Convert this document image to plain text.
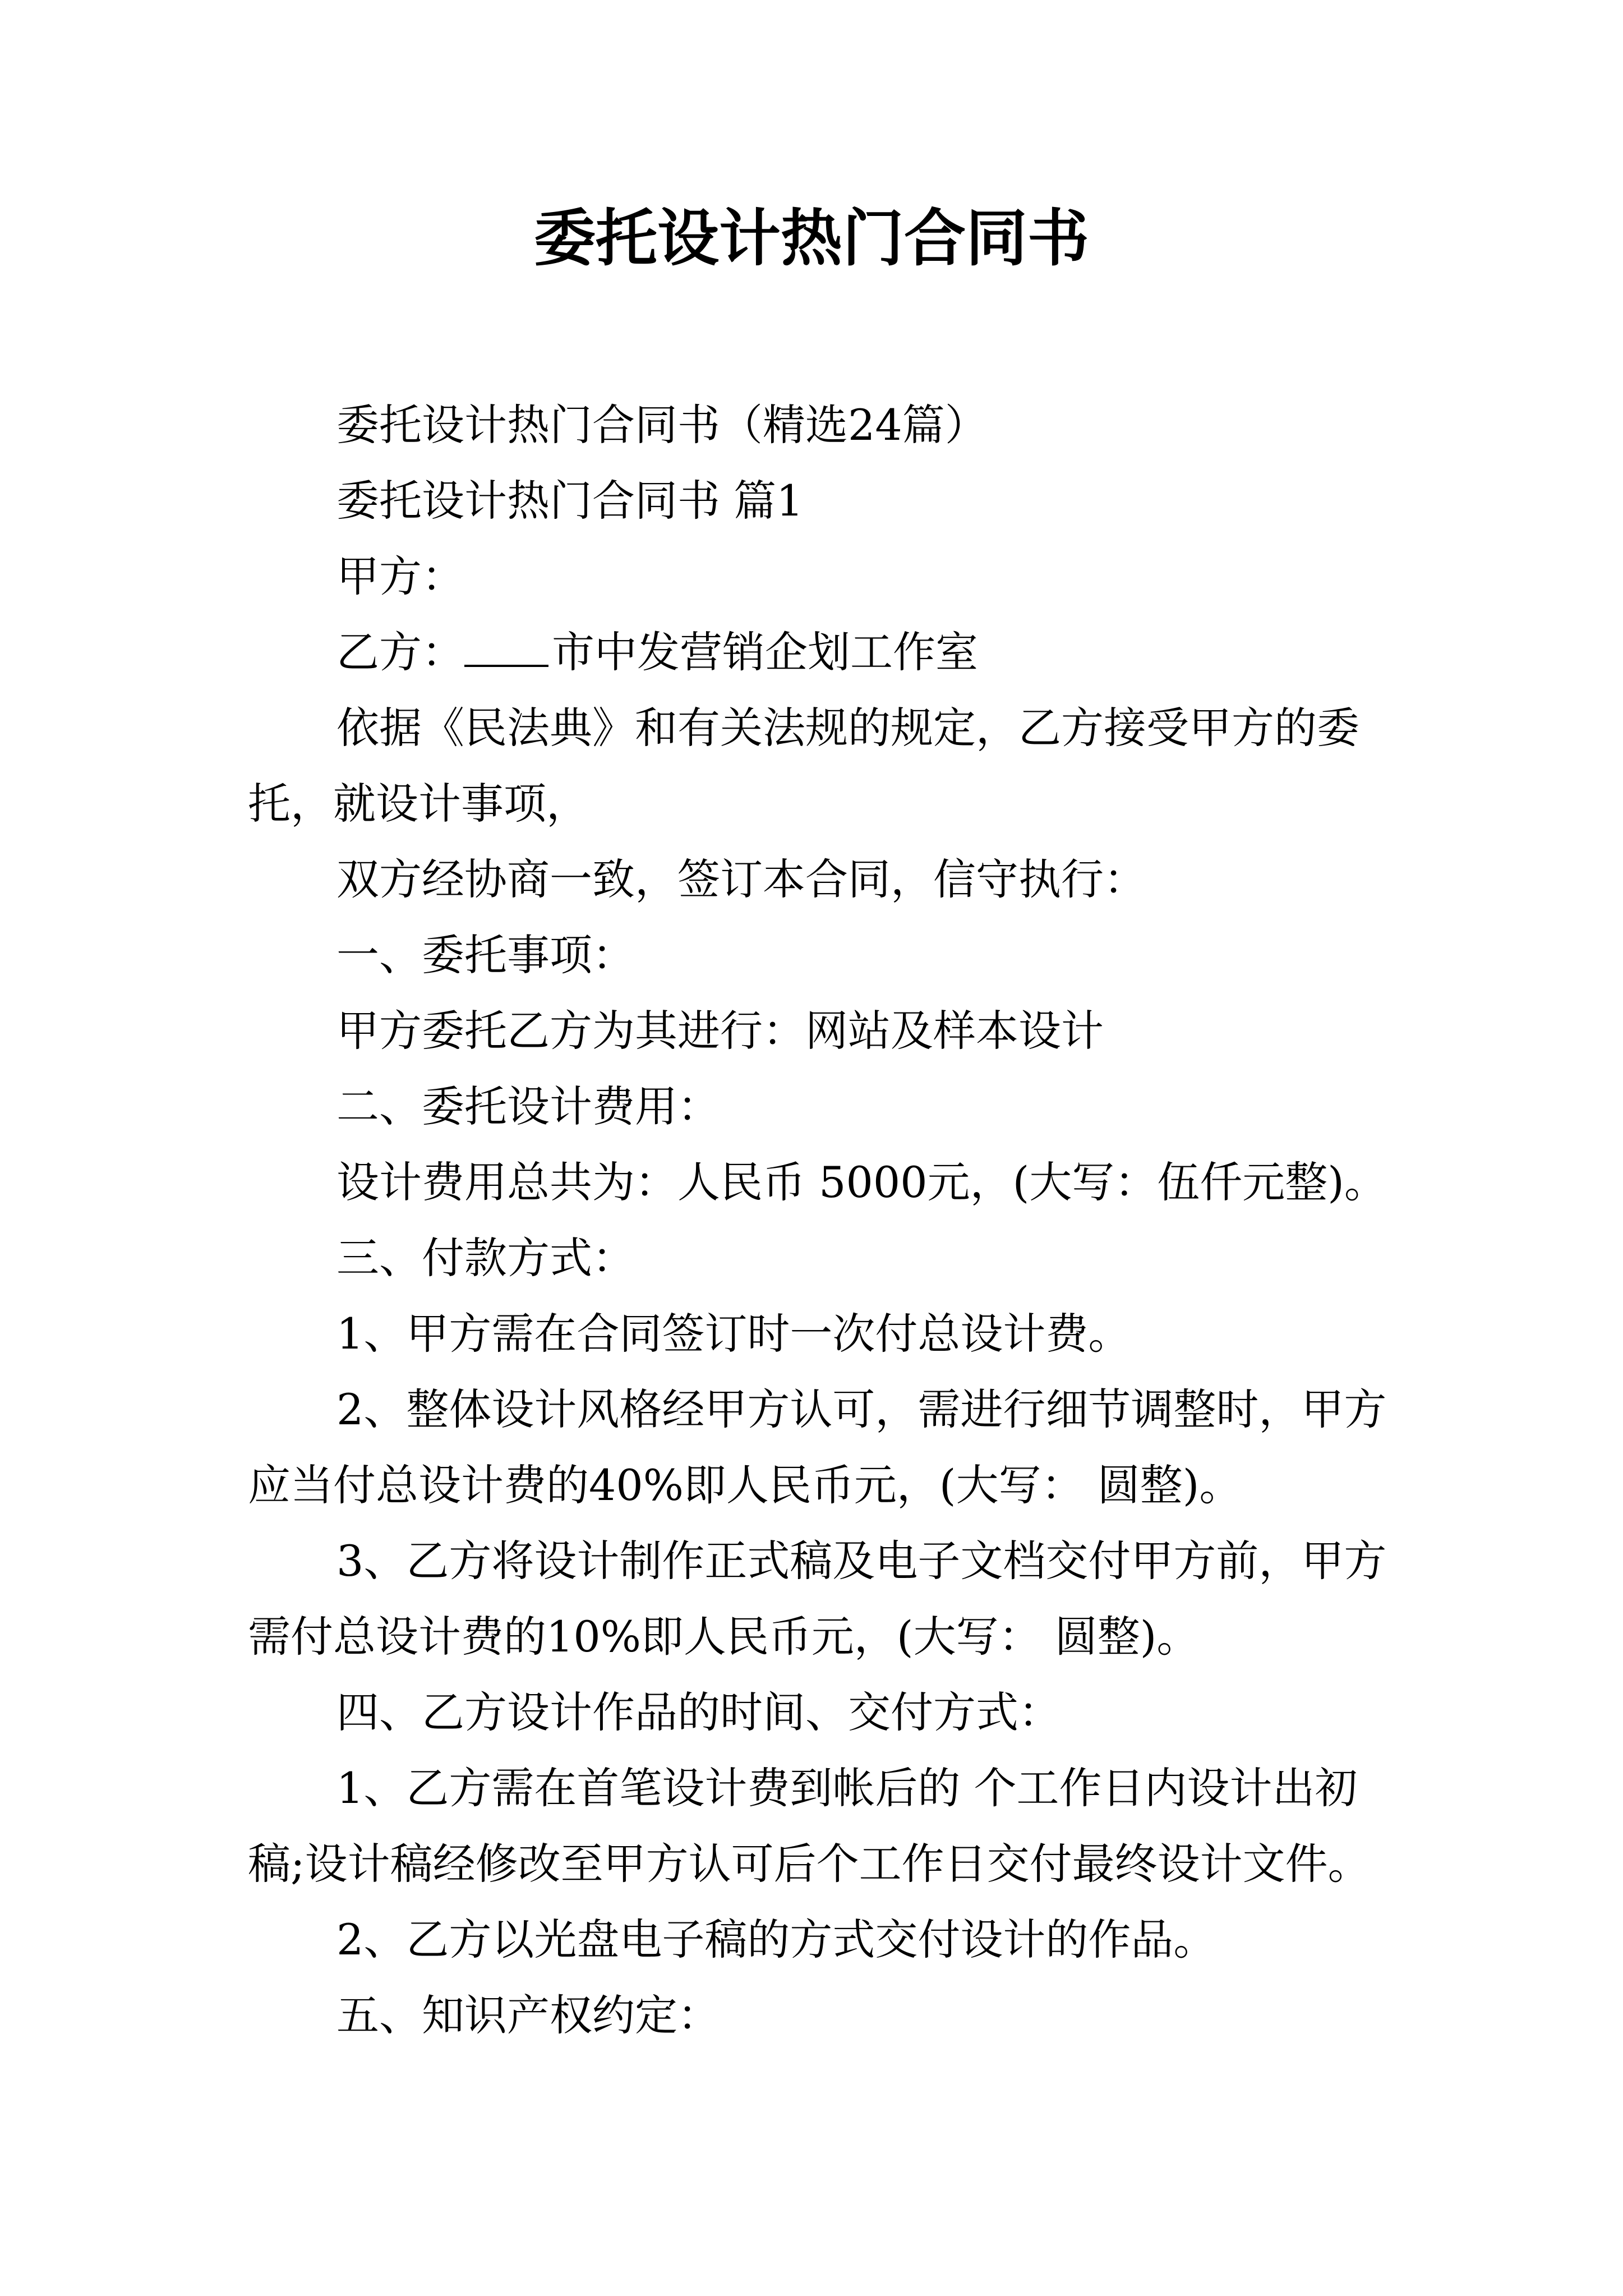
委托设计热门合同书

委托设计热门合同书（精选24篇）

委托设计热门合同书 篇1

甲方：

乙方： 市中发营销企划工作室

依据《民法典》和有关法规的规定，乙方接受甲方的委托，就设计事项，

双方经协商一致，签订本合同，信守执行：

一、委托事项：

甲方委托乙方为其进行：网站及样本设计

二、委托设计费用：

设计费用总共为：人民币 5000元，(大写：伍仟元整)。

三、付款方式：

1、甲方需在合同签订时一次付总设计费。

2、整体设计风格经甲方认可，需进行细节调整时，甲方应当付总设计费的40%即人民币元，(大写： 圆整)。

3、乙方将设计制作正式稿及电子文档交付甲方前，甲方需付总设计费的10%即人民币元，(大写： 圆整)。

四、乙方设计作品的时间、交付方式：

1、乙方需在首笔设计费到帐后的 个工作日内设计出初稿;设计稿经修改至甲方认可后个工作日交付最终设计文件。

2、乙方以光盘电子稿的方式交付设计的作品。

五、知识产权约定：
